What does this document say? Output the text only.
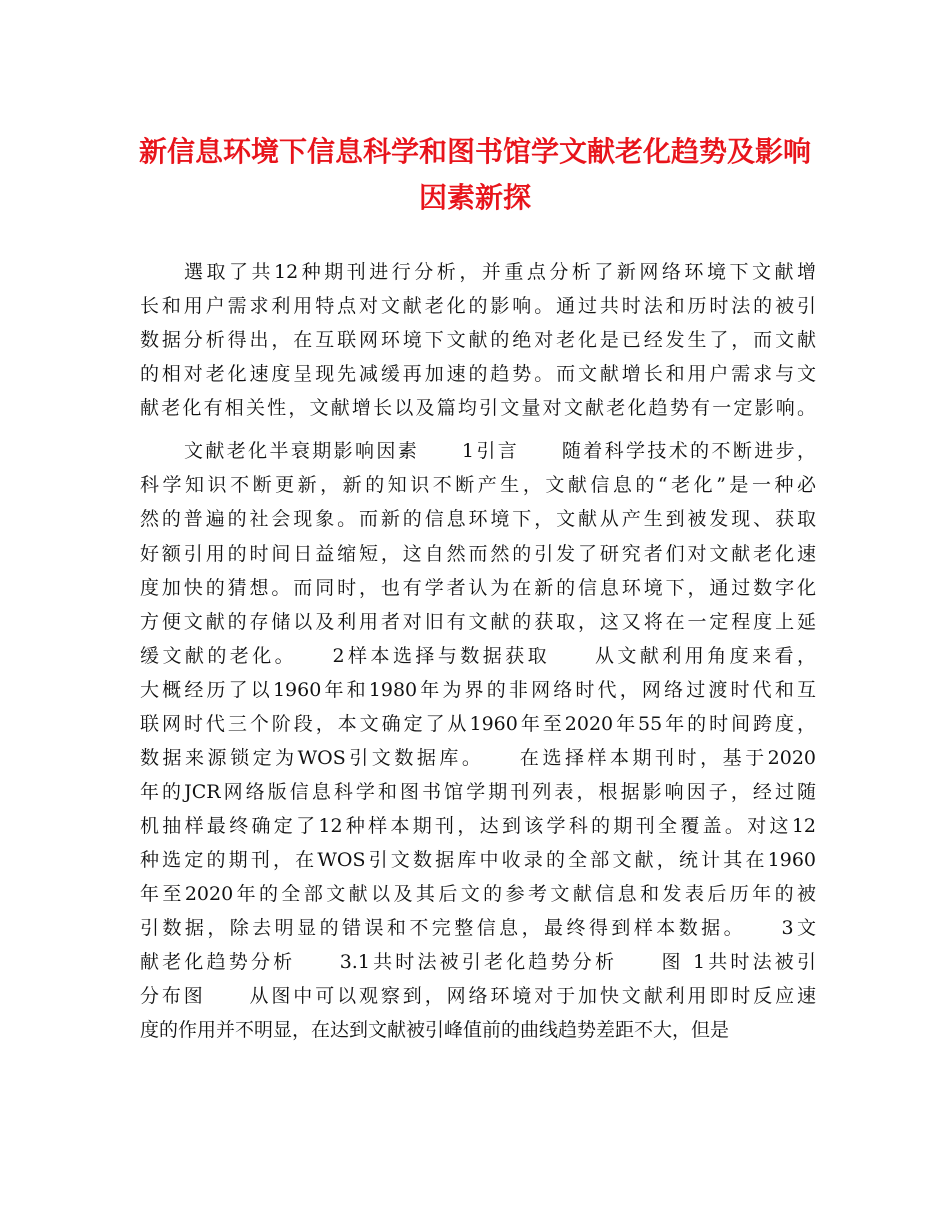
新信息环境下信息科学和图书馆学文献老化趋势及影响
因素新探
選取了共12种期刊进行分析，并重点分析了新网络环境下文献增
长和用户需求利用特点对文献老化的影响。通过共时法和历时法的被引
数据分析得出，在互联网环境下文献的绝对老化是已经发生了，而文献
的相对老化速度呈现先减缓再加速的趋势。而文献增长和用户需求与文
献老化有相关性，文献增长以及篇均引文量对文献老化趋势有一定影响。
文献老化半衰期影响因素　　1引言　　随着科学技术的不断进步，
科学知识不断更新，新的知识不断产生，文献信息的“老化”是一种必
然的普遍的社会现象。而新的信息环境下，文献从产生到被发现、获取
好额引用的时间日益缩短，这自然而然的引发了研究者们对文献老化速
度加快的猜想。而同时，也有学者认为在新的信息环境下，通过数字化
方便文献的存储以及利用者对旧有文献的获取，这又将在一定程度上延
缓文献的老化。　　2样本选择与数据获取　　从文献利用角度来看，
大概经历了以1960年和1980年为界的非网络时代，网络过渡时代和互
联网时代三个阶段，本文确定了从1960年至2020年55年的时间跨度，
数据来源锁定为WOS引文数据库。　　在选择样本期刊时，基于2020
年的JCR网络版信息科学和图书馆学期刊列表，根据影响因子，经过随
机抽样最终确定了12种样本期刊，达到该学科的期刊全覆盖。对这12
种选定的期刊，在WOS引文数据库中收录的全部文献，统计其在1960
年至2020年的全部文献以及其后文的参考文献信息和发表后历年的被
引数据，除去明显的错误和不完整信息，最终得到样本数据。　　3文
献老化趋势分析　　3.1共时法被引老化趋势分析　　图 1共时法被引
分布图　　从图中可以观察到，网络环境对于加快文献利用即时反应速
度的作用并不明显，在达到文献被引峰值前的曲线趋势差距不大，但是
